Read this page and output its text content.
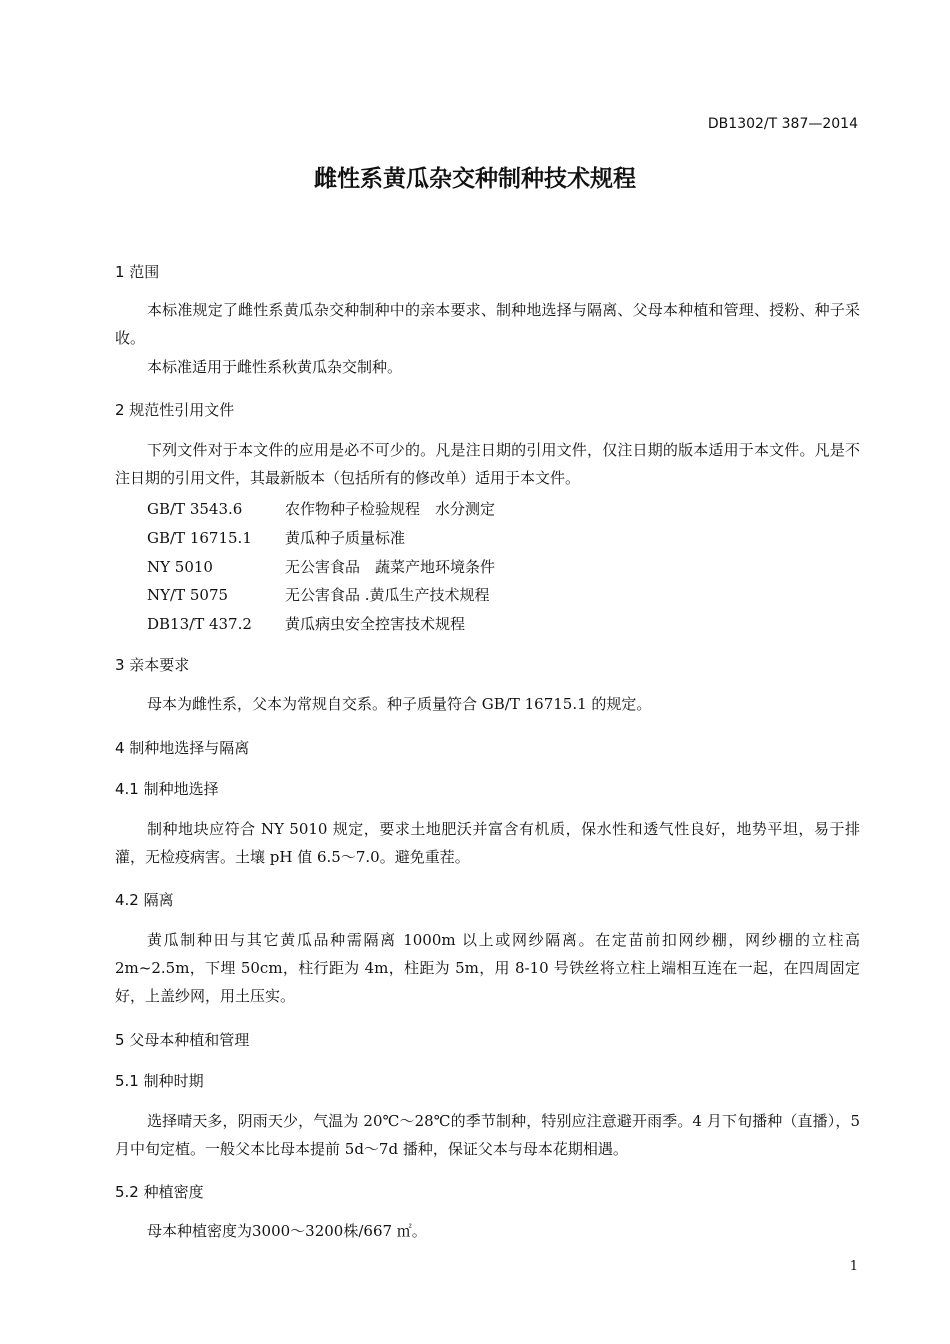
DB1302/T 387—2014
雌性系黄瓜杂交种制种技术规程
1 范围
本标准规定了雌性系黄瓜杂交种制种中的亲本要求、制种地选择与隔离、父母本种植和管理、授粉、种子采收。
本标准适用于雌性系秋黄瓜杂交制种。
2 规范性引用文件
下列文件对于本文件的应用是必不可少的。凡是注日期的引用文件，仅注日期的版本适用于本文件。凡是不注日期的引用文件，其最新版本（包括所有的修改单）适用于本文件。
GB/T 3543.6	农作物种子检验规程　水分测定
GB/T 16715.1 黄瓜种子质量标准
NY 5010	无公害食品　蔬菜产地环境条件
NY/T 5075	无公害食品 .黄瓜生产技术规程
DB13/T 437.2 黄瓜病虫安全控害技术规程
3 亲本要求
母本为雌性系，父本为常规自交系。种子质量符合 GB/T 16715.1 的规定。
4 制种地选择与隔离
4.1 制种地选择
制种地块应符合 NY 5010 规定，要求土地肥沃并富含有机质，保水性和透气性良好，地势平坦，易于排灌，无检疫病害。土壤 pH 值 6.5～7.0。避免重茬。
4.2 隔离
黄瓜制种田与其它黄瓜品种需隔离 1000m 以上或网纱隔离。在定苗前扣网纱棚，网纱棚的立柱高 2m~2.5m，下埋 50cm，柱行距为 4m，柱距为 5m，用 8-10 号铁丝将立柱上端相互连在一起，在四周固定好，上盖纱网，用土压实。
5 父母本种植和管理
5.1 制种时期
选择晴天多，阴雨天少，气温为 20℃～28℃的季节制种，特别应注意避开雨季。4 月下旬播种（直播），5 月中旬定植。一般父本比母本提前 5d～7d 播种，保证父本与母本花期相遇。
5.2 种植密度
母本种植密度为3000～3200株/667 ㎡。
1
